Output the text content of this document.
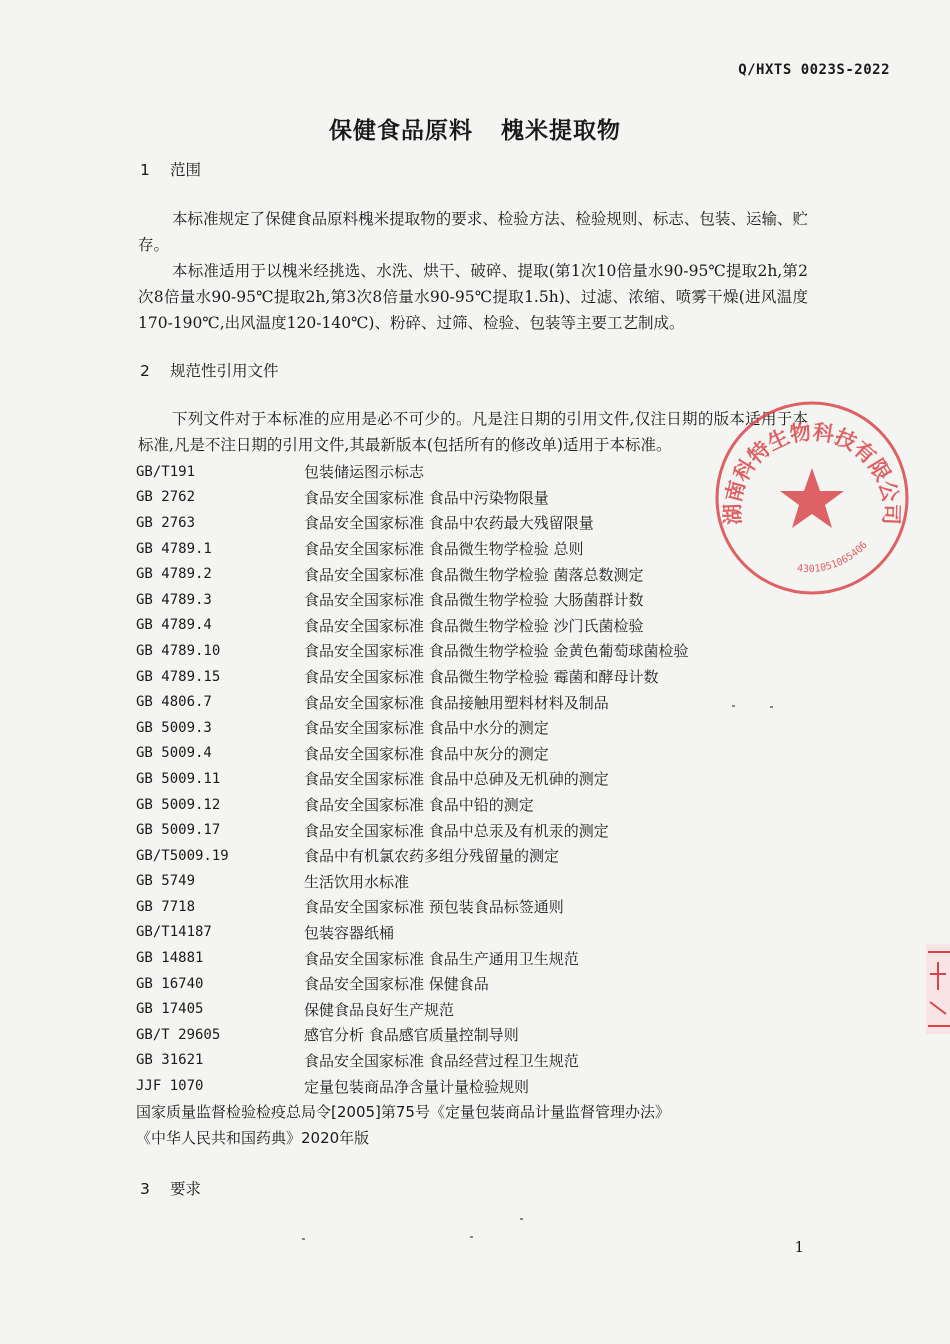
Q/HXTS 0023S-2022
保健食品原料 槐米提取物
1 范围

本标准规定了保健食品原料槐米提取物的要求、检验方法、检验规则、标志、包装、运输、贮存。

本标准适用于以槐米经挑选、水洗、烘干、破碎、提取(第1次10倍量水90-95℃提取2h,第2次8倍量水90-95℃提取2h,第3次8倍量水90-95℃提取1.5h)、过滤、浓缩、喷雾干燥(进风温度170-190℃,出风温度120-140℃)、粉碎、过筛、检验、包装等主要工艺制成。

2 规范性引用文件

下列文件对于本标准的应用是必不可少的。凡是注日期的引用文件,仅注日期的版本适用于本标准,凡是不注日期的引用文件,其最新版本(包括所有的修改单)适用于本标准。

GB/T191	包装储运图示标志
GB 2762	食品安全国家标准 食品中污染物限量
GB 2763	食品安全国家标准 食品中农药最大残留限量
GB 4789.1	食品安全国家标准 食品微生物学检验 总则
GB 4789.2	食品安全国家标准 食品微生物学检验 菌落总数测定
GB 4789.3	食品安全国家标准 食品微生物学检验 大肠菌群计数
GB 4789.4	食品安全国家标准 食品微生物学检验 沙门氏菌检验
GB 4789.10	食品安全国家标准 食品微生物学检验 金黄色葡萄球菌检验
GB 4789.15	食品安全国家标准 食品微生物学检验 霉菌和酵母计数
GB 4806.7	食品安全国家标准 食品接触用塑料材料及制品
GB 5009.3	食品安全国家标准 食品中水分的测定
GB 5009.4	食品安全国家标准 食品中灰分的测定
GB 5009.11	食品安全国家标准 食品中总砷及无机砷的测定
GB 5009.12	食品安全国家标准 食品中铅的测定
GB 5009.17	食品安全国家标准 食品中总汞及有机汞的测定
GB/T5009.19	食品中有机氯农药多组分残留量的测定
GB 5749	生活饮用水标准
GB 7718	食品安全国家标准 预包装食品标签通则
GB/T14187	包装容器纸桶
GB 14881	食品安全国家标准 食品生产通用卫生规范
GB 16740	食品安全国家标准 保健食品
GB 17405	保健食品良好生产规范
GB/T 29605	感官分析 食品感官质量控制导则
GB 31621	食品安全国家标准 食品经营过程卫生规范
JJF 1070	定量包装商品净含量计量检验规则
国家质量监督检验检疫总局令[2005]第75号《定量包装商品计量监督管理办法》
《中华人民共和国药典》2020年版
3 要求
1
湖南科特生物科技有限公司
4301051065406
